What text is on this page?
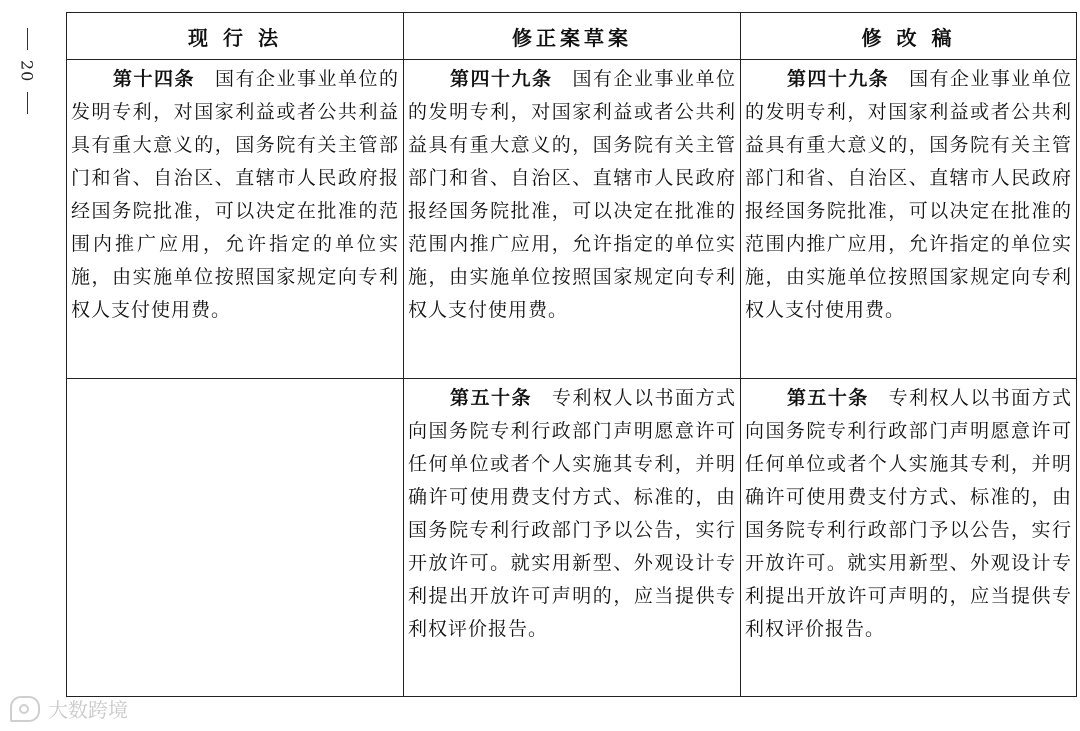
20
现 行 法	修正案草案	修 改 稿
第十四条 国有企业事业单位的发明专利，对国家利益或者公共利益具有重大意义的，国务院有关主管部门和省、自治区、直辖市人民政府报经国务院批准，可以决定在批准的范围内推广应用，允许指定的单位实施，由实施单位按照国家规定向专利权人支付使用费。	第四十九条 国有企业事业单位的发明专利，对国家利益或者公共利益具有重大意义的，国务院有关主管部门和省、自治区、直辖市人民政府报经国务院批准，可以决定在批准的范围内推广应用，允许指定的单位实施，由实施单位按照国家规定向专利权人支付使用费。	第四十九条 国有企业事业单位的发明专利，对国家利益或者公共利益具有重大意义的，国务院有关主管部门和省、自治区、直辖市人民政府报经国务院批准，可以决定在批准的范围内推广应用，允许指定的单位实施，由实施单位按照国家规定向专利权人支付使用费。
	第五十条 专利权人以书面方式向国务院专利行政部门声明愿意许可任何单位或者个人实施其专利，并明确许可使用费支付方式、标准的，由国务院专利行政部门予以公告，实行开放许可。就实用新型、外观设计专利提出开放许可声明的，应当提供专利权评价报告。	第五十条 专利权人以书面方式向国务院专利行政部门声明愿意许可任何单位或者个人实施其专利，并明确许可使用费支付方式、标准的，由国务院专利行政部门予以公告，实行开放许可。就实用新型、外观设计专利提出开放许可声明的，应当提供专利权评价报告。
大数跨境
